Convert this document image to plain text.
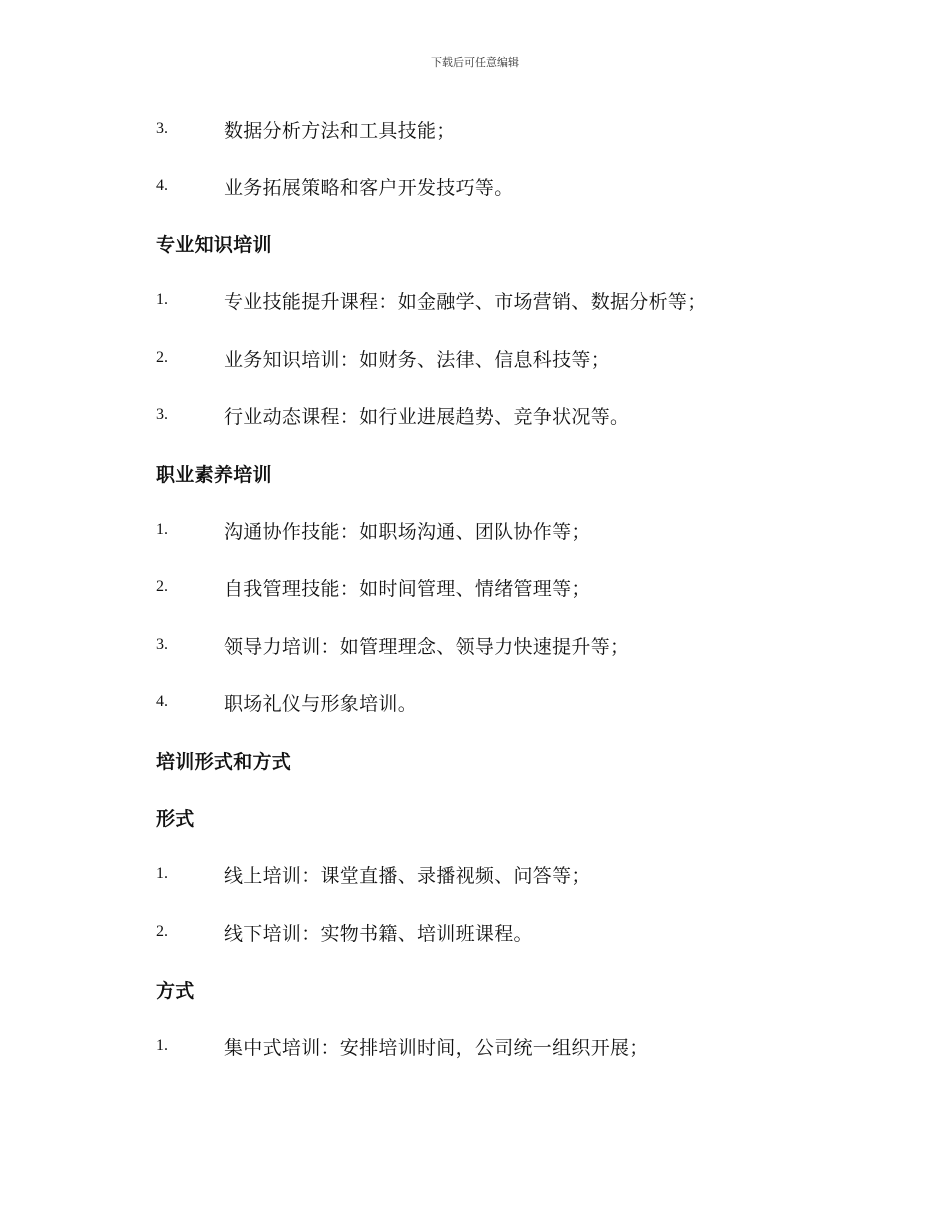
下载后可任意编辑
3.	数据分析方法和工具技能；
4.	业务拓展策略和客户开发技巧等。
专业知识培训
1.	专业技能提升课程：如金融学、市场营销、数据分析等；
2.	业务知识培训：如财务、法律、信息科技等；
3.	行业动态课程：如行业进展趋势、竞争状况等。
职业素养培训
1.	沟通协作技能：如职场沟通、团队协作等；
2.	自我管理技能：如时间管理、情绪管理等；
3.	领导力培训：如管理理念、领导力快速提升等；
4.	职场礼仪与形象培训。
培训形式和方式
形式
1.	线上培训：课堂直播、录播视频、问答等；
2.	线下培训：实物书籍、培训班课程。
方式
1.	集中式培训：安排培训时间，公司统一组织开展；
